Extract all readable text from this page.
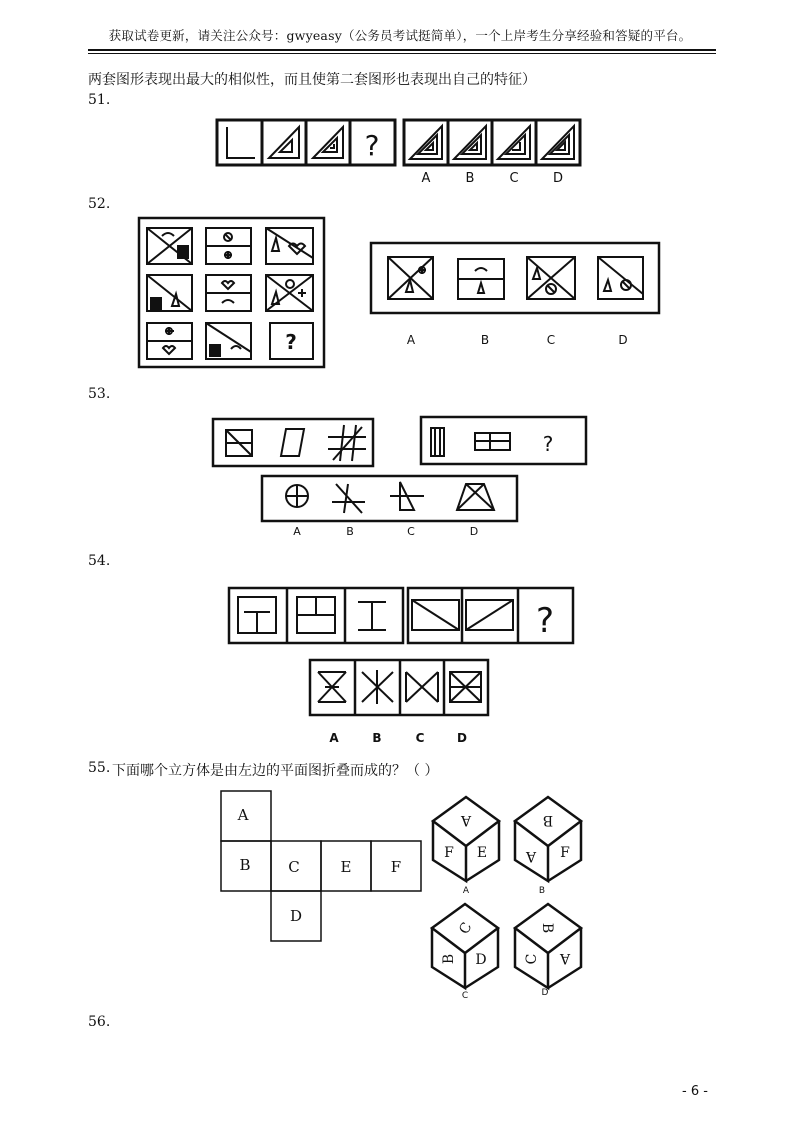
获取试卷更新，请关注公众号：gwyeasy（公务员考试挺简单），一个上岸考生分享经验和答疑的平台。
两套图形表现出最大的相似性，而且使第二套图形也表现出自己的特征）
51.
52.
53.
54.
55. 下面哪个立方体是由左边的平面图折叠而成的？（ ）
56.
?
A	B	C	D
?	A	B	C	D
?
A	B	C	D
?
A	B	C	D
A
B	C	E	F
D
A
F E
B
A F
C
B D
B
C A
A	B
C	D
- 6 -
